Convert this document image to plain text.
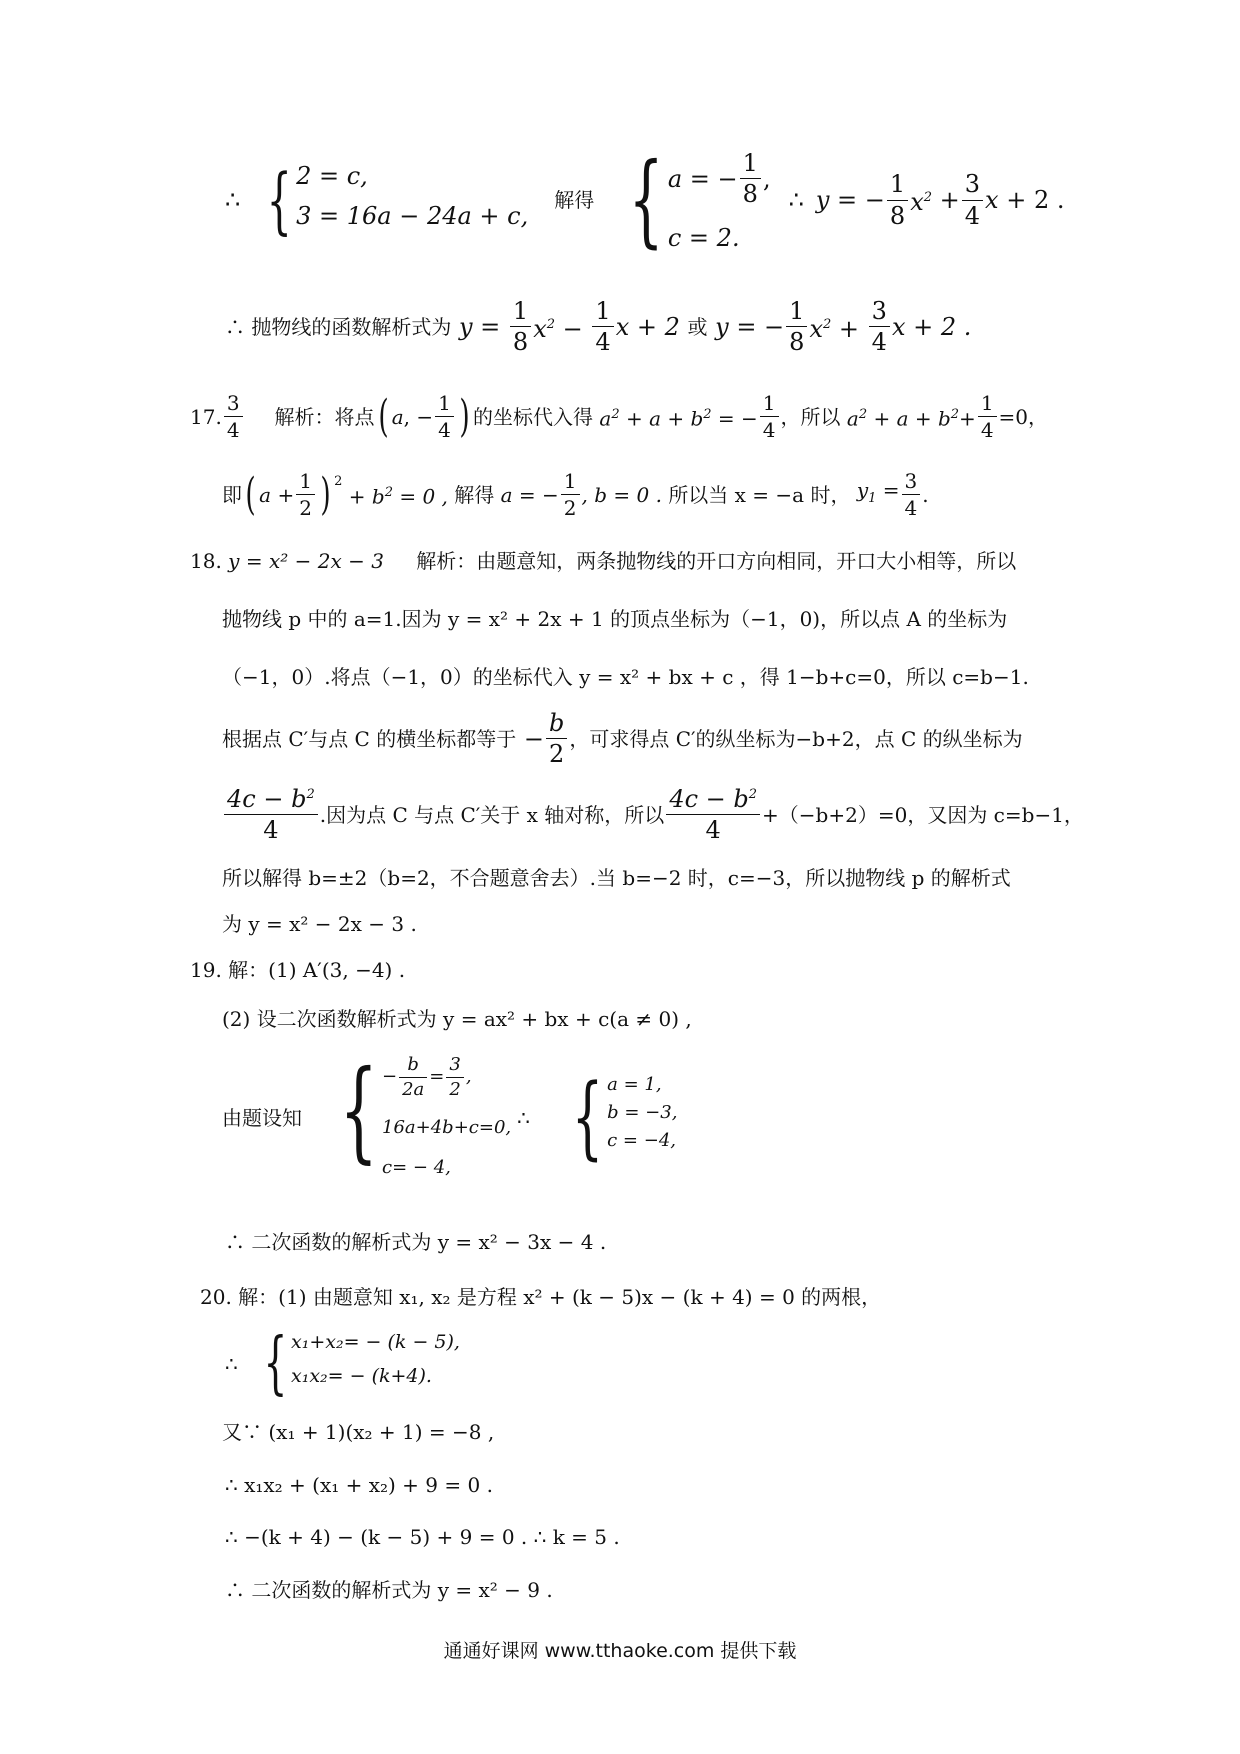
∴ { 2 = c,
3 = 16a − 24a + c,
解得 { a = − $\frac{1}{8}$ ,
c = 2.
∴ y = − $\frac{1}{8} x^2 + \frac{3}{4}$ x + 2 .
∴ 抛物线的函数解析式为 $y = \frac{1}{8} x^2 - \frac{1}{4}$ x + 2 或 y = − $\frac{1}{8} x^2 + \frac{3}{4}$ x + 2 .
17. $\frac{3}{4}$ 解析：将点 ( a , − $\frac{1}{4}$ ) 的坐标代入得 $a^2 + a + b^2$ = − $\frac{1}{4}$ ，所以 $a^2 + a + b^2+ \frac{1}{4} =0$，
即 ( $a + \frac{1}{2}$ ) $^2$
+ $b^2 = 0$ , 解得 a = − $\frac{1}{2}$ , b = 0 . 所以当 x = −a 时， $y_1 = \frac{3}{4}$ .
18. y = x² − 2x − 3 解析：由题意知，两条抛物线的开口方向相同，开口大小相等，所以
抛物线 p 中的 a=1.因为 y = x² + 2x + 1 的顶点坐标为（−1，0)，所以点 A 的坐标为
（−1，0）.将点（−1，0）的坐标代入 y = x² + bx + c ，得 1−b+c=0，所以 c=b−1.
根据点 C′与点 C 的横坐标都等于 − $\frac{b}{2}$ ，可求得点 C′的纵坐标为−b+2，点 C 的纵坐标为
$\frac{4c - b^2}{4}$ .因为点 C 与点 C′关于 x 轴对称，所以 $\frac{4c - b^2}{4} +(-b+2)=0$，又因为 c=b−1，
所以解得 b=±2（b=2，不合题意舍去）.当 b=−2 时，c=−3，所以抛物线 p 的解析式
为 y = x² − 2x − 3 .
19. 解：(1) A′(3, −4) .
(2) 设二次函数解析式为 y = ax² + bx + c(a ≠ 0) ,
由题设知 { − $\frac{b}{2a} = \frac{3}{2}$ ,
16a+4b+c=0,
c= − 4,
∴ { a = 1,
b = −3,
c = −4,
∴ 二次函数的解析式为 y = x² − 3x − 4 .
20. 解：(1) 由题意知 x₁, x₂ 是方程 x² + (k − 5)x − (k + 4) = 0 的两根，
∴ { x₁+x₂= − (k − 5),
x₁x₂= − (k+4).
又∵ (x₁ + 1)(x₂ + 1) = −8 ,
∴ x₁x₂ + (x₁ + x₂) + 9 = 0 .
∴ −(k + 4) − (k − 5) + 9 = 0 . ∴ k = 5 .
∴ 二次函数的解析式为 y = x² − 9 .
通通好课网 www.tthaoke.com 提供下载
